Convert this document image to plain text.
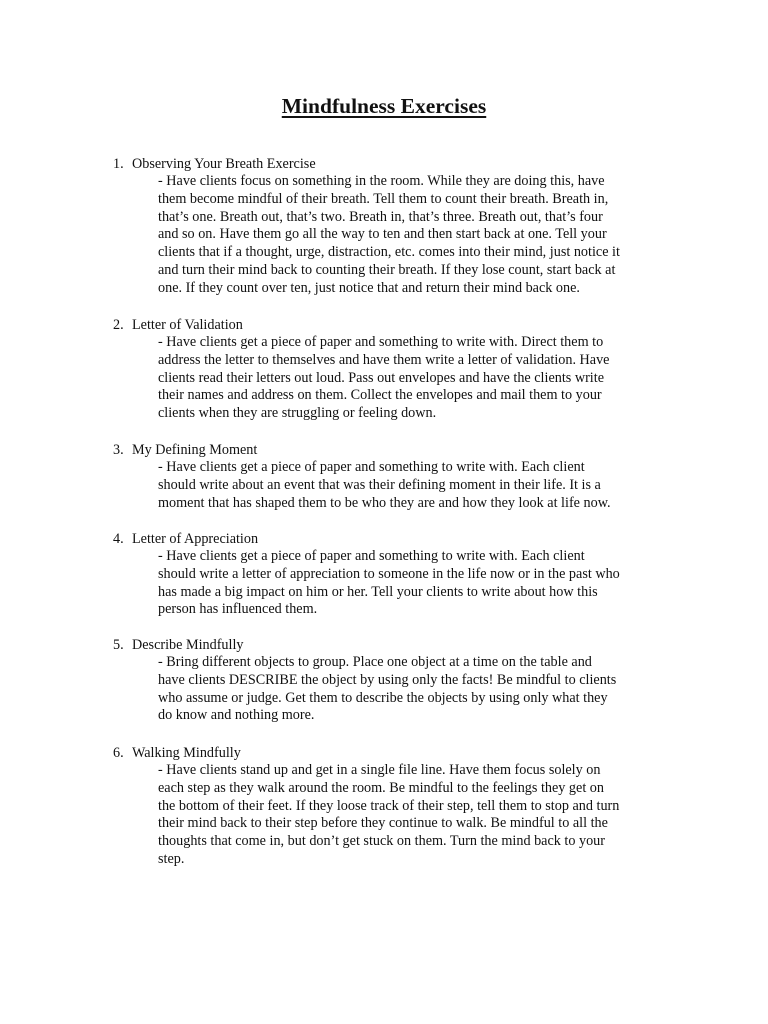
Mindfulness Exercises
1. Observing Your Breath Exercise

- Have clients focus on something in the room. While they are doing this, have
them become mindful of their breath. Tell them to count their breath. Breath in,
that’s one. Breath out, that’s two. Breath in, that’s three. Breath out, that’s four
and so on. Have them go all the way to ten and then start back at one. Tell your
clients that if a thought, urge, distraction, etc. comes into their mind, just notice it
and turn their mind back to counting their breath. If they lose count, start back at
one. If they count over ten, just notice that and return their mind back one.

2. Letter of Validation

- Have clients get a piece of paper and something to write with. Direct them to
address the letter to themselves and have them write a letter of validation. Have
clients read their letters out loud. Pass out envelopes and have the clients write
their names and address on them. Collect the envelopes and mail them to your
clients when they are struggling or feeling down.

3. My Defining Moment

- Have clients get a piece of paper and something to write with. Each client
should write about an event that was their defining moment in their life. It is a
moment that has shaped them to be who they are and how they look at life now.

4. Letter of Appreciation

- Have clients get a piece of paper and something to write with. Each client
should write a letter of appreciation to someone in the life now or in the past who
has made a big impact on him or her. Tell your clients to write about how this
person has influenced them.

5. Describe Mindfully

- Bring different objects to group. Place one object at a time on the table and
have clients DESCRIBE the object by using only the facts! Be mindful to clients
who assume or judge. Get them to describe the objects by using only what they
do know and nothing more.

6. Walking Mindfully

- Have clients stand up and get in a single file line. Have them focus solely on
each step as they walk around the room. Be mindful to the feelings they get on
the bottom of their feet. If they loose track of their step, tell them to stop and turn
their mind back to their step before they continue to walk. Be mindful to all the
thoughts that come in, but don’t get stuck on them. Turn the mind back to your
step.
